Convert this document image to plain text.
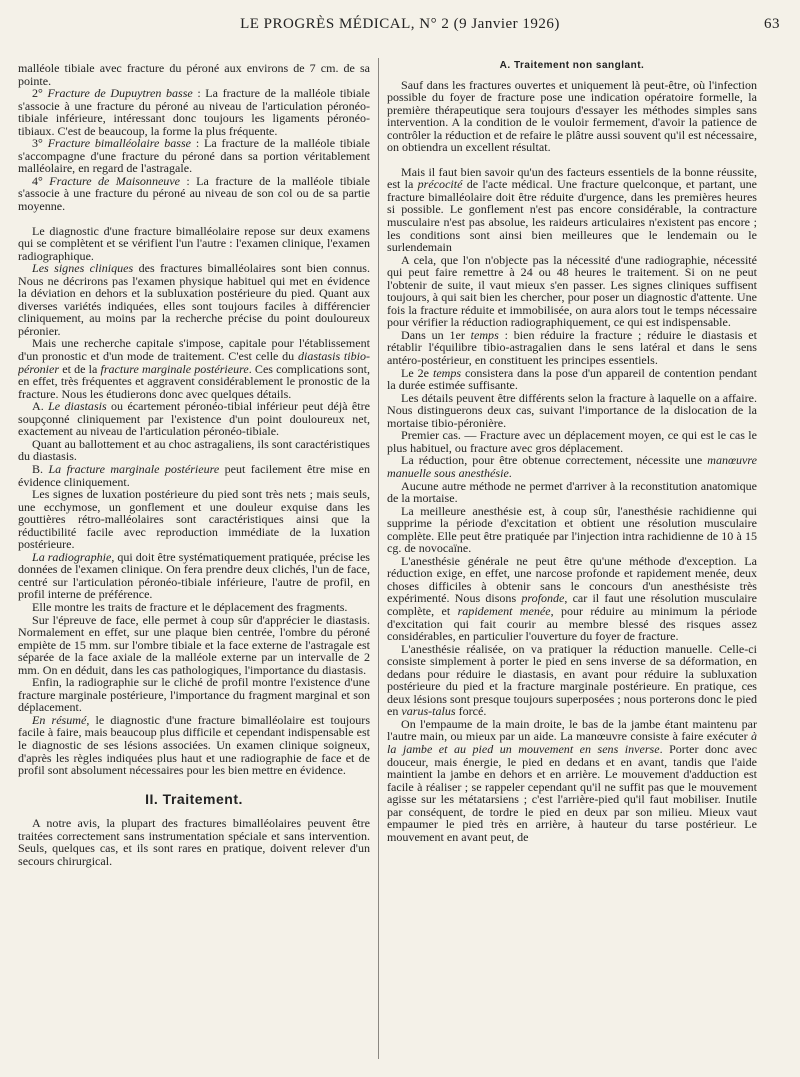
LE PROGRÈS MÉDICAL, N° 2 (9 Janvier 1926)	63

malléole tibiale avec fracture du péroné aux environs de 7 cm. de sa pointe.

2° Fracture de Dupuytren basse : La fracture de la malléole tibiale s'associe à une fracture du péroné au niveau de l'articulation péronéo-tibiale inférieure, intéressant donc toujours les ligaments péronéo-tibiaux. C'est de beaucoup, la forme la plus fréquente.

3° Fracture bimalléolaire basse : La fracture de la malléole tibiale s'accompagne d'une fracture du péroné dans sa portion véritablement malléolaire, en regard de l'astragale.

4° Fracture de Maisonneuve : La fracture de la malléole tibiale s'associe à une fracture du péroné au niveau de son col ou de sa partie moyenne.

Le diagnostic d'une fracture bimalléolaire repose sur deux examens qui se complètent et se vérifient l'un l'autre : l'examen clinique, l'examen radiographique.

Les signes cliniques des fractures bimalléolaires sont bien connus. Nous ne décrirons pas l'examen physique habituel qui met en évidence la déviation en dehors et la subluxation postérieure du pied. Quant aux diverses variétés indiquées, elles sont toujours faciles à différencier cliniquement, au moins par la recherche précise du point douloureux péronier.

Mais une recherche capitale s'impose, capitale pour l'établissement d'un pronostic et d'un mode de traitement. C'est celle du diastasis tibio-péronier et de la fracture marginale postérieure. Ces complications sont, en effet, très fréquentes et aggravent considérablement le pronostic de la fracture. Nous les étudierons donc avec quelques détails.

A. Le diastasis ou écartement péronéo-tibial inférieur peut déjà être soupçonné cliniquement par l'existence d'un point douloureux net, exactement au niveau de l'articulation péronéo-tibiale.

Quant au ballottement et au choc astragaliens, ils sont caractéristiques du diastasis.

B. La fracture marginale postérieure peut facilement être mise en évidence cliniquement.

Les signes de luxation postérieure du pied sont très nets ; mais seuls, une ecchymose, un gonflement et une douleur exquise dans les gouttières rétro-malléolaires sont caractéristiques ainsi que la réductibilité facile avec reproduction immédiate de la luxation postérieure.

La radiographie, qui doit être systématiquement pratiquée, précise les données de l'examen clinique. On fera prendre deux clichés, l'un de face, centré sur l'articulation péronéo-tibiale inférieure, l'autre de profil, en profil interne de préférence.

Elle montre les traits de fracture et le déplacement des fragments.

Sur l'épreuve de face, elle permet à coup sûr d'apprécier le diastasis. Normalement en effet, sur une plaque bien centrée, l'ombre du péroné empiète de 15 mm. sur l'ombre tibiale et la face externe de l'astragale est séparée de la face axiale de la malléole externe par un intervalle de 2 mm. On en déduit, dans les cas pathologiques, l'importance du diastasis.

Enfin, la radiographie sur le cliché de profil montre l'existence d'une fracture marginale postérieure, l'importance du fragment marginal et son déplacement.

En résumé, le diagnostic d'une fracture bimalléolaire est toujours facile à faire, mais beaucoup plus difficile et cependant indispensable est le diagnostic de ses lésions associées. Un examen clinique soigneux, d'après les règles indiquées plus haut et une radiographie de face et de profil sont absolument nécessaires pour les bien mettre en évidence.

II. Traitement.

A notre avis, la plupart des fractures bimalléolaires peuvent être traitées correctement sans instrumentation spéciale et sans intervention. Seuls, quelques cas, et ils sont rares en pratique, doivent relever d'un secours chirurgical.

A. Traitement non sanglant.

Sauf dans les fractures ouvertes et uniquement là peut-être, où l'infection possible du foyer de fracture pose une indication opératoire formelle, la première thérapeutique sera toujours d'essayer les méthodes simples sans intervention. A la condition de le vouloir fermement, d'avoir la patience de contrôler la réduction et de refaire le plâtre aussi souvent qu'il est nécessaire, on obtiendra un excellent résultat.

Mais il faut bien savoir qu'un des facteurs essentiels de la bonne réussite, est la précocité de l'acte médical. Une fracture quelconque, et partant, une fracture bimalléolaire doit être réduite d'urgence, dans les premières heures si possible. Le gonflement n'est pas encore considérable, la contracture musculaire n'est pas absolue, les raideurs articulaires n'existent pas encore ; les conditions sont ainsi bien meilleures que le lendemain ou le surlendemain

A cela, que l'on n'objecte pas la nécessité d'une radiographie, nécessité qui peut faire remettre à 24 ou 48 heures le traitement. Si on ne peut l'obtenir de suite, il vaut mieux s'en passer. Les signes cliniques suffisent toujours, à qui sait bien les chercher, pour poser un diagnostic d'attente. Une fois la fracture réduite et immobilisée, on aura alors tout le temps nécessaire pour vérifier la réduction radiographiquement, ce qui est indispensable.

Dans un 1er temps : bien réduire la fracture ; réduire le diastasis et rétablir l'équilibre tibio-astragalien dans le sens latéral et dans le sens antéro-postérieur, en constituent les principes essentiels.

Le 2e temps consistera dans la pose d'un appareil de contention pendant la durée estimée suffisante.

Les détails peuvent être différents selon la fracture à laquelle on a affaire. Nous distinguerons deux cas, suivant l'importance de la dislocation de la mortaise tibio-péronière.

Premier cas. — Fracture avec un déplacement moyen, ce qui est le cas le plus habituel, ou fracture avec gros déplacement.

La réduction, pour être obtenue correctement, nécessite une manœuvre manuelle sous anesthésie.

Aucune autre méthode ne permet d'arriver à la reconstitution anatomique de la mortaise.

La meilleure anesthésie est, à coup sûr, l'anesthésie rachidienne qui supprime la période d'excitation et obtient une résolution musculaire complète. Elle peut être pratiquée par l'injection intra rachidienne de 10 à 15 cg. de novocaïne.

L'anesthésie générale ne peut être qu'une méthode d'exception. La réduction exige, en effet, une narcose profonde et rapidement menée, deux choses difficiles à obtenir sans le concours d'un anesthésiste très expérimenté. Nous disons profonde, car il faut une résolution musculaire complète, et rapidement menée, pour réduire au minimum la période d'excitation qui fait courir au membre blessé des risques assez considérables, en particulier l'ouverture du foyer de fracture.

L'anesthésie réalisée, on va pratiquer la réduction manuelle. Celle-ci consiste simplement à porter le pied en sens inverse de sa déformation, en dedans pour réduire le diastasis, en avant pour réduire la subluxation postérieure du pied et la fracture marginale postérieure. En pratique, ces deux lésions sont presque toujours superposées ; nous porterons donc le pied en varus-talus forcé.

On l'empaume de la main droite, le bas de la jambe étant maintenu par l'autre main, ou mieux par un aide. La manœuvre consiste à faire exécuter à la jambe et au pied un mouvement en sens inverse. Porter donc avec douceur, mais énergie, le pied en dedans et en avant, tandis que l'aide maintient la jambe en dehors et en arrière. Le mouvement d'adduction est facile à réaliser ; se rappeler cependant qu'il ne suffit pas que le mouvement agisse sur les métatarsiens ; c'est l'arrière-pied qu'il faut mobiliser. Inutile par conséquent, de tordre le pied en deux par son milieu. Mieux vaut empaumer le pied très en arrière, à hauteur du tarse postérieur. Le mouvement en avant peut, de
